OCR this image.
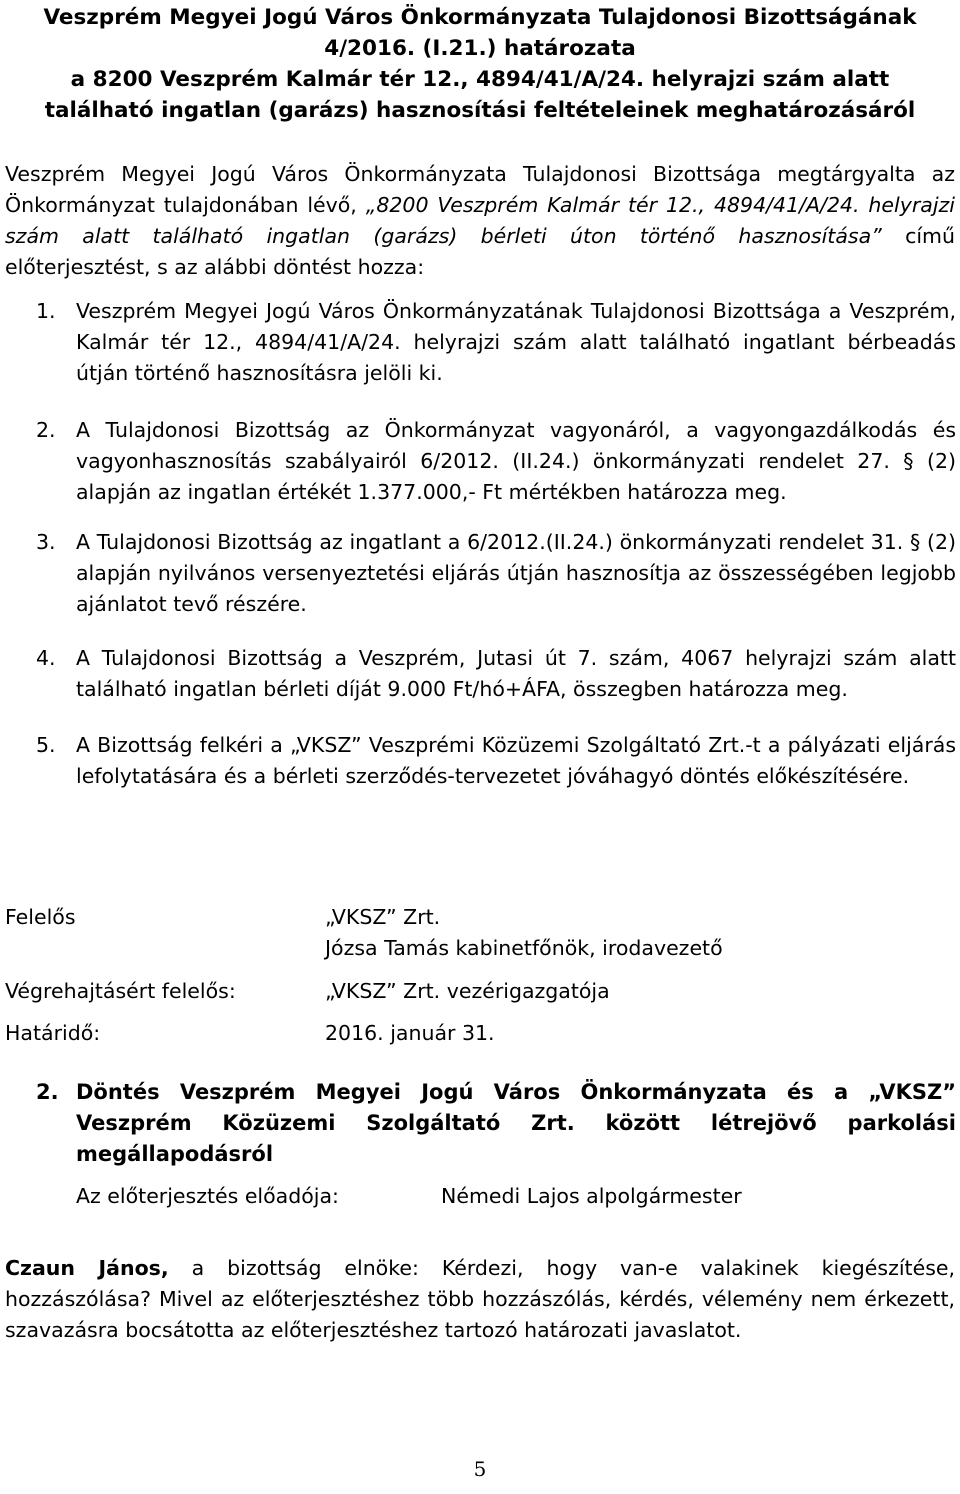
Veszprém Megyei Jogú Város Önkormányzata Tulajdonosi Bizottságának
4/2016. (I.21.) határozata
a 8200 Veszprém Kalmár tér 12., 4894/41/A/24. helyrajzi szám alatt
található ingatlan (garázs) hasznosítási feltételeinek meghatározásáról

Veszprém Megyei Jogú Város Önkormányzata Tulajdonosi Bizottsága megtárgyalta az Önkormányzat tulajdonában lévő, „8200 Veszprém Kalmár tér 12., 4894/41/A/24. helyrajzi szám alatt található ingatlan (garázs) bérleti úton történő hasznosítása” című előterjesztést, s az alábbi döntést hozza:

1. Veszprém Megyei Jogú Város Önkormányzatának Tulajdonosi Bizottsága a Veszprém, Kalmár tér 12., 4894/41/A/24. helyrajzi szám alatt található ingatlant bérbeadás útján történő hasznosításra jelöli ki.

2. A Tulajdonosi Bizottság az Önkormányzat vagyonáról, a vagyongazdálkodás és vagyonhasznosítás szabályairól 6/2012. (II.24.) önkormányzati rendelet 27. § (2) alapján az ingatlan értékét 1.377.000,- Ft mértékben határozza meg.

3. A Tulajdonosi Bizottság az ingatlant a 6/2012.(II.24.) önkormányzati rendelet 31. § (2) alapján nyilvános versenyeztetési eljárás útján hasznosítja az összességében legjobb ajánlatot tevő részére.

4. A Tulajdonosi Bizottság a Veszprém, Jutasi út 7. szám, 4067 helyrajzi szám alatt található ingatlan bérleti díját 9.000 Ft/hó+ÁFA, összegben határozza meg.

5. A Bizottság felkéri a „VKSZ” Veszprémi Közüzemi Szolgáltató Zrt.-t a pályázati eljárás lefolytatására és a bérleti szerződés-tervezetet jóváhagyó döntés előkészítésére.

Felelős	„VKSZ” Zrt.
Józsa Tamás kabinetfőnök, irodavezető
Végrehajtásért felelős:	„VKSZ” Zrt. vezérigazgatója
Határidő:	2016. január 31.

2. Döntés Veszprém Megyei Jogú Város Önkormányzata és a „VKSZ” Veszprém Közüzemi Szolgáltató Zrt. között létrejövő parkolási megállapodásról

Az előterjesztés előadója:	Némedi Lajos alpolgármester

Czaun János, a bizottság elnöke: Kérdezi, hogy van-e valakinek kiegészítése, hozzászólása? Mivel az előterjesztéshez több hozzászólás, kérdés, vélemény nem érkezett, szavazásra bocsátotta az előterjesztéshez tartozó határozati javaslatot.

5
